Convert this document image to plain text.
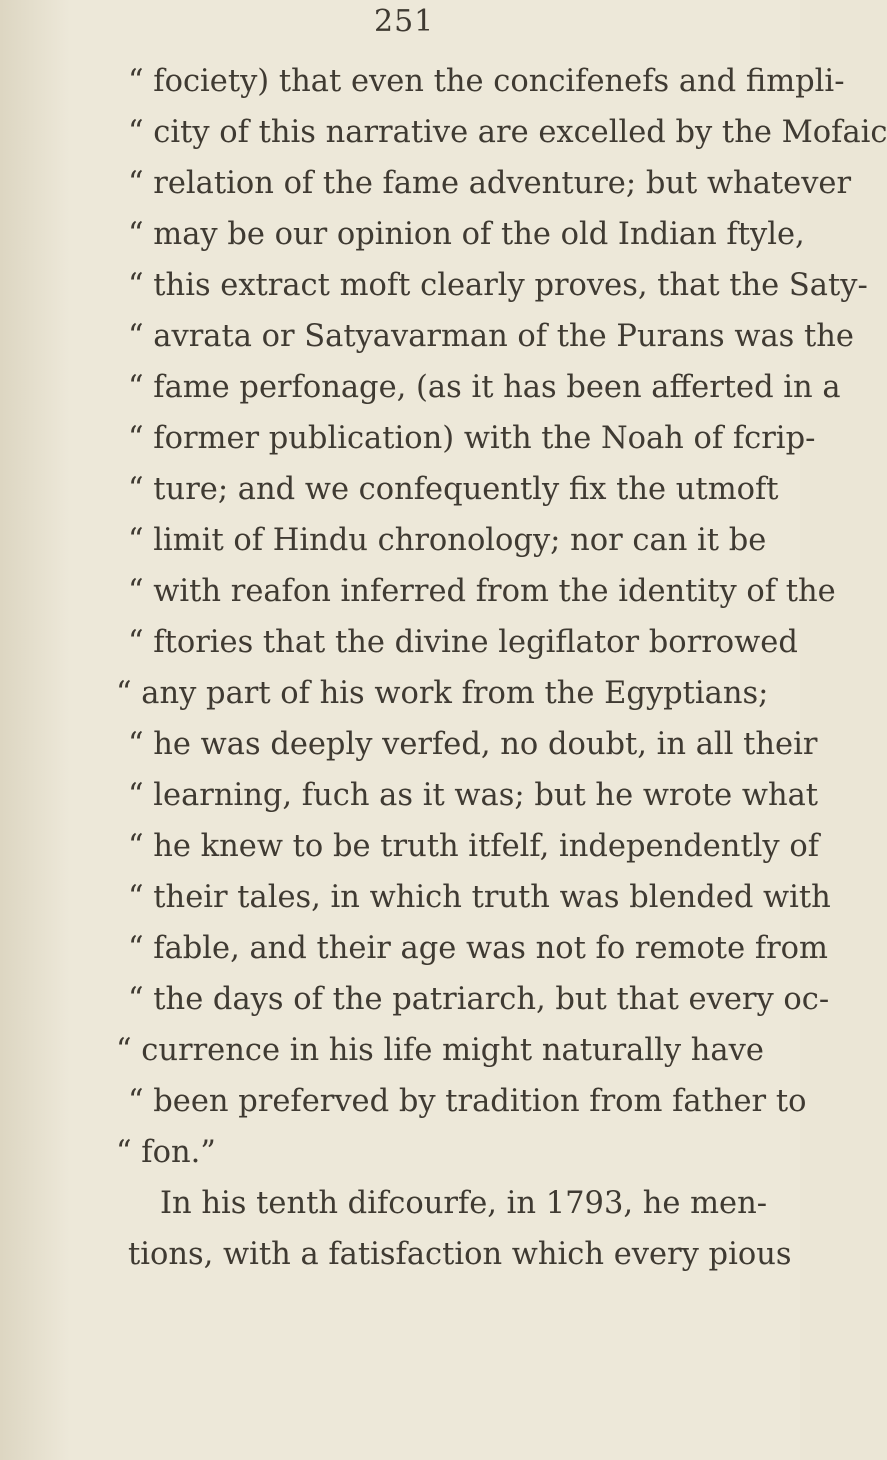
251
“ fociety) that even the concifenefs and fimpli-
“ city of this narrative are excelled by the Mofaic
“ relation of the fame adventure; but whatever
“ may be our opinion of the old Indian ftyle,
“ this extract moft clearly proves, that the Saty-
“ avrata or Satyavarman of the Purans was the
“ fame perfonage, (as it has been afferted in a
“ former publication) with the Noah of fcrip-
“ ture; and we confequently fix the utmoft
“ limit of Hindu chronology; nor can it be
“ with reafon inferred from the identity of the
“ ftories that the divine legiflator borrowed
“ any part of his work from the Egyptians;
“ he was deeply verfed, no doubt, in all their
“ learning, fuch as it was; but he wrote what
“ he knew to be truth itfelf, independently of
“ their tales, in which truth was blended with
“ fable, and their age was not fo remote from
“ the days of the patriarch, but that every oc-
“ currence in his life might naturally have
“ been preferved by tradition from father to
“ fon.”
In his tenth difcourfe, in 1793, he men-
tions, with a fatisfaction which every pious
